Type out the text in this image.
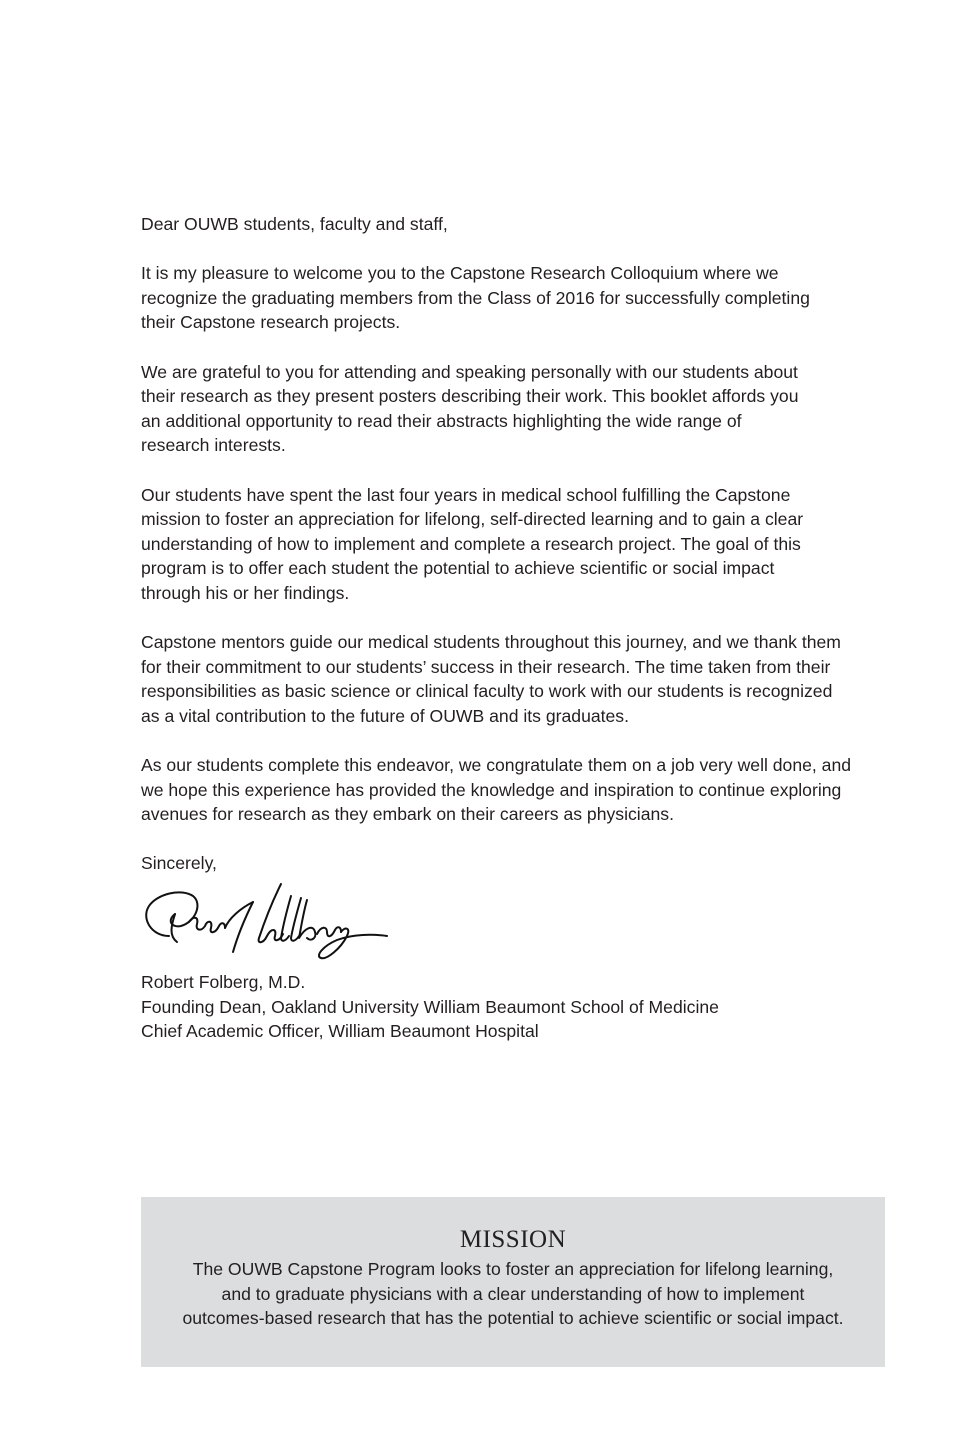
Dear OUWB students, faculty and staff,

It is my pleasure to welcome you to the Capstone Research Colloquium where we
recognize the graduating members from the Class of 2016 for successfully completing
their Capstone research projects.

We are grateful to you for attending and speaking personally with our students about
their research as they present posters describing their work. This booklet affords you
an additional opportunity to read their abstracts highlighting the wide range of
research interests.

Our students have spent the last four years in medical school fulfilling the Capstone
mission to foster an appreciation for lifelong, self-directed learning and to gain a clear
understanding of how to implement and complete a research project. The goal of this
program is to offer each student the potential to achieve scientific or social impact
through his or her findings.

Capstone mentors guide our medical students throughout this journey, and we thank them
for their commitment to our students’ success in their research. The time taken from their
responsibilities as basic science or clinical faculty to work with our students is recognized
as a vital contribution to the future of OUWB and its graduates.

As our students complete this endeavor, we congratulate them on a job very well done, and
we hope this experience has provided the knowledge and inspiration to continue exploring
avenues for research as they embark on their careers as physicians.

Sincerely,

Robert Folberg, M.D.
Founding Dean, Oakland University William Beaumont School of Medicine
Chief Academic Officer, William Beaumont Hospital

MISSION
The OUWB Capstone Program looks to foster an appreciation for lifelong learning,
and to graduate physicians with a clear understanding of how to implement
outcomes-based research that has the potential to achieve scientific or social impact.
